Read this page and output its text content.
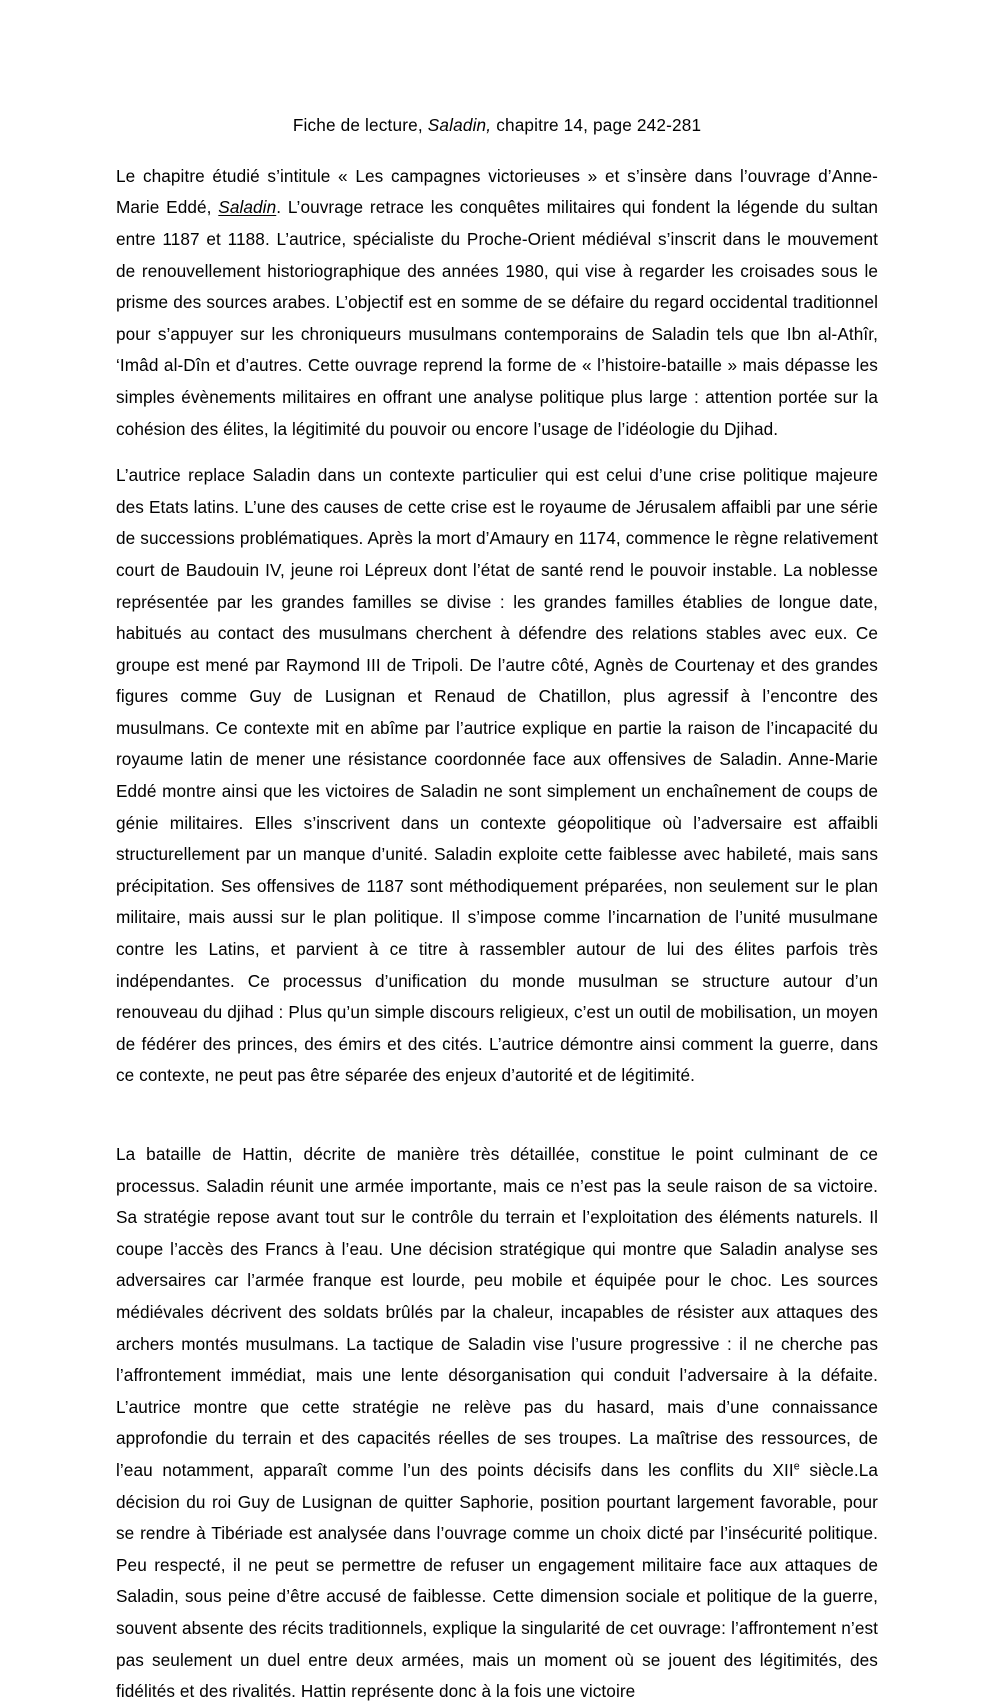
Fiche de lecture, Saladin, chapitre 14, page 242-281

Le chapitre étudié s’intitule « Les campagnes victorieuses » et s’insère dans l’ouvrage d’Anne-Marie Eddé, Saladin. L’ouvrage retrace les conquêtes militaires qui fondent la légende du sultan entre 1187 et 1188. L’autrice, spécialiste du Proche-Orient médiéval s’inscrit dans le mouvement de renouvellement historiographique des années 1980, qui vise à regarder les croisades sous le prisme des sources arabes. L’objectif est en somme de se défaire du regard occidental traditionnel pour s’appuyer sur les chroniqueurs musulmans contemporains de Saladin tels que Ibn al-Athîr, ‘Imâd al-Dîn et d’autres. Cette ouvrage reprend la forme de « l’histoire-bataille » mais dépasse les simples évènements militaires en offrant une analyse politique plus large : attention portée sur la cohésion des élites, la légitimité du pouvoir ou encore l’usage de l’idéologie du Djihad.

L’autrice replace Saladin dans un contexte particulier qui est celui d’une crise politique majeure des Etats latins. L’une des causes de cette crise est le royaume de Jérusalem affaibli par une série de successions problématiques. Après la mort d’Amaury en 1174, commence le règne relativement court de Baudouin IV, jeune roi Lépreux dont l’état de santé rend le pouvoir instable. La noblesse représentée par les grandes familles se divise : les grandes familles établies de longue date, habitués au contact des musulmans cherchent à défendre des relations stables avec eux. Ce groupe est mené par Raymond III de Tripoli. De l’autre côté, Agnès de Courtenay et des grandes figures comme Guy de Lusignan et Renaud de Chatillon, plus agressif à l’encontre des musulmans. Ce contexte mit en abîme par l’autrice explique en partie la raison de l’incapacité du royaume latin de mener une résistance coordonnée face aux offensives de Saladin. Anne-Marie Eddé montre ainsi que les victoires de Saladin ne sont simplement un enchaînement de coups de génie militaires. Elles s’inscrivent dans un contexte géopolitique où l’adversaire est affaibli structurellement par un manque d’unité. Saladin exploite cette faiblesse avec habileté, mais sans précipitation. Ses offensives de 1187 sont méthodiquement préparées, non seulement sur le plan militaire, mais aussi sur le plan politique. Il s’impose comme l’incarnation de l’unité musulmane contre les Latins, et parvient à ce titre à rassembler autour de lui des élites parfois très indépendantes. Ce processus d’unification du monde musulman se structure autour d’un renouveau du djihad : Plus qu’un simple discours religieux, c’est un outil de mobilisation, un moyen de fédérer des princes, des émirs et des cités. L’autrice démontre ainsi comment la guerre, dans ce contexte, ne peut pas être séparée des enjeux d’autorité et de légitimité.

La bataille de Hattin, décrite de manière très détaillée, constitue le point culminant de ce processus. Saladin réunit une armée importante, mais ce n’est pas la seule raison de sa victoire. Sa stratégie repose avant tout sur le contrôle du terrain et l’exploitation des éléments naturels. Il coupe l’accès des Francs à l’eau. Une décision stratégique qui montre que Saladin analyse ses adversaires car l’armée franque est lourde, peu mobile et équipée pour le choc. Les sources médiévales décrivent des soldats brûlés par la chaleur, incapables de résister aux attaques des archers montés musulmans. La tactique de Saladin vise l’usure progressive : il ne cherche pas l’affrontement immédiat, mais une lente désorganisation qui conduit l’adversaire à la défaite. L’autrice montre que cette stratégie ne relève pas du hasard, mais d’une connaissance approfondie du terrain et des capacités réelles de ses troupes. La maîtrise des ressources, de l’eau notamment, apparaît comme l’un des points décisifs dans les conflits du XIIe siècle.La décision du roi Guy de Lusignan de quitter Saphorie, position pourtant largement favorable, pour se rendre à Tibériade est analysée dans l’ouvrage comme un choix dicté par l’insécurité politique. Peu respecté, il ne peut se permettre de refuser un engagement militaire face aux attaques de Saladin, sous peine d’être accusé de faiblesse. Cette dimension sociale et politique de la guerre, souvent absente des récits traditionnels, explique la singularité de cet ouvrage: l’affrontement n’est pas seulement un duel entre deux armées, mais un moment où se jouent des légitimités, des fidélités et des rivalités. Hattin représente donc à la fois une victoire
